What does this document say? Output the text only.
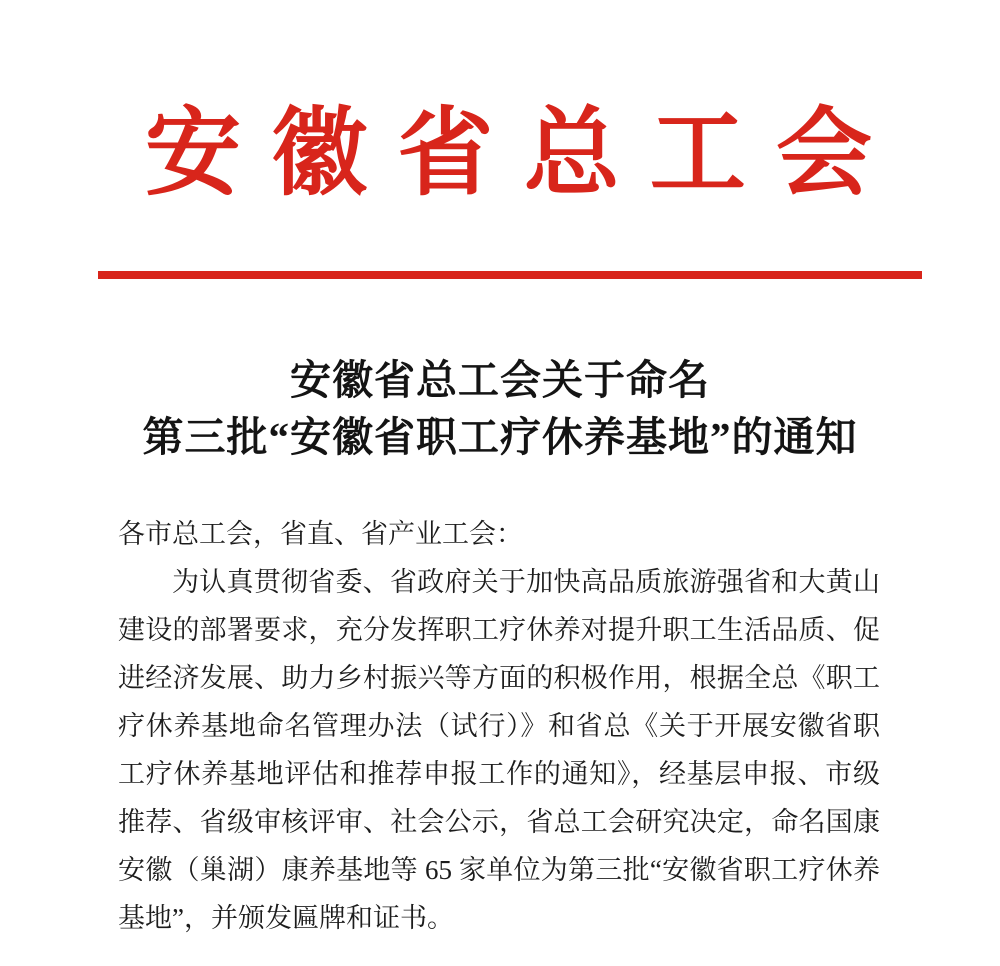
安 徽 省 总 工 会
安徽省总工会关于命名
第三批“安徽省职工疗休养基地”的通知

各市总工会，省直、省产业工会：

为认真贯彻省委、省政府关于加快高品质旅游强省和大黄山建设的部署要求，充分发挥职工疗休养对提升职工生活品质、促进经济发展、助力乡村振兴等方面的积极作用，根据全总《职工疗休养基地命名管理办法（试行）》和省总《关于开展安徽省职工疗休养基地评估和推荐申报工作的通知》，经基层申报、市级推荐、省级审核评审、社会公示，省总工会研究决定，命名国康安徽（巢湖）康养基地等 65 家单位为第三批“安徽省职工疗休养基地”，并颁发匾牌和证书。
